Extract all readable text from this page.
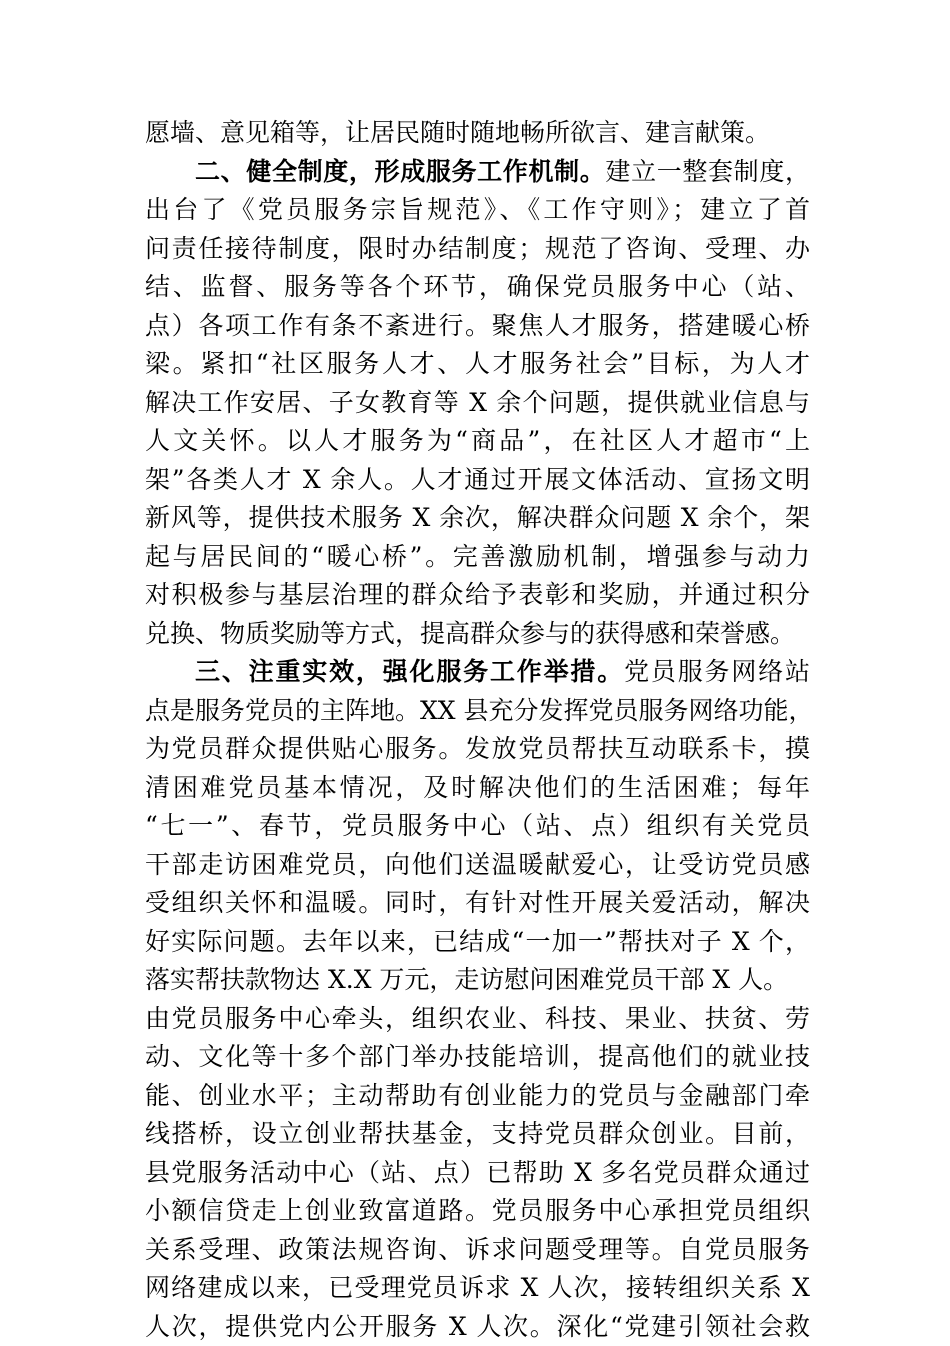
愿墙、意见箱等，让居民随时随地畅所欲言、建言献策。
二、健全制度，形成服务工作机制。建立一整套制度，
出台了《党员服务宗旨规范》、《工作守则》；建立了首
问责任接待制度，限时办结制度；规范了咨询、受理、办
结、监督、服务等各个环节，确保党员服务中心（站、
点）各项工作有条不紊进行。聚焦人才服务，搭建暖心桥
梁。紧扣“社区服务人才、人才服务社会”目标，为人才
解决工作安居、子女教育等 X 余个问题，提供就业信息与
人文关怀。以人才服务为“商品”，在社区人才超市“上
架”各类人才 X 余人。人才通过开展文体活动、宣扬文明
新风等，提供技术服务 X 余次，解决群众问题 X 余个，架
起与居民间的“暖心桥”。完善激励机制，增强参与动力
对积极参与基层治理的群众给予表彰和奖励，并通过积分
兑换、物质奖励等方式，提高群众参与的获得感和荣誉感。
三、注重实效，强化服务工作举措。党员服务网络站
点是服务党员的主阵地。XX 县充分发挥党员服务网络功能，
为党员群众提供贴心服务。发放党员帮扶互动联系卡，摸
清困难党员基本情况，及时解决他们的生活困难；每年
“七一”、春节，党员服务中心（站、点）组织有关党员
干部走访困难党员，向他们送温暖献爱心，让受访党员感
受组织关怀和温暖。同时，有针对性开展关爱活动，解决
好实际问题。去年以来，已结成“一加一”帮扶对子 X 个，
落实帮扶款物达 X.X 万元，走访慰问困难党员干部 X 人。
由党员服务中心牵头，组织农业、科技、果业、扶贫、劳
动、文化等十多个部门举办技能培训，提高他们的就业技
能、创业水平；主动帮助有创业能力的党员与金融部门牵
线搭桥，设立创业帮扶基金，支持党员群众创业。目前，
县党服务活动中心（站、点）已帮助 X 多名党员群众通过
小额信贷走上创业致富道路。党员服务中心承担党员组织
关系受理、政策法规咨询、诉求问题受理等。自党员服务
网络建成以来，已受理党员诉求 X 人次，接转组织关系 X
人次，提供党内公开服务 X 人次。深化“党建引领社会救
